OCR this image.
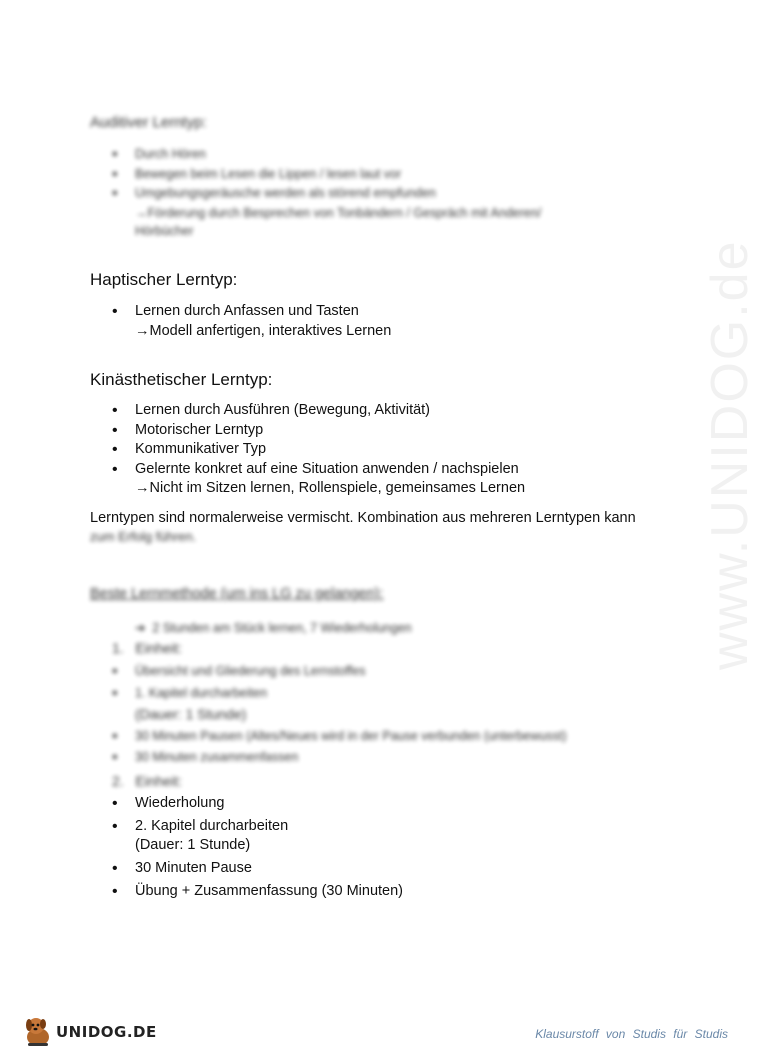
www.UNIDOG.de
Auditiver Lerntyp:
• Durch Hören
• Bewegen beim Lesen die Lippen / lesen laut vor
• Umgebungsgeräusche werden als störend empfunden
→Förderung durch Besprechen von Tonbändern / Gespräch mit Anderen/
Hörbücher
Haptischer Lerntyp:
• Lernen durch Anfassen und Tasten
→Modell anfertigen, interaktives Lernen
Kinästhetischer Lerntyp:
• Lernen durch Ausführen (Bewegung, Aktivität)
• Motorischer Lerntyp
• Kommunikativer Typ
• Gelernte konkret auf eine Situation anwenden / nachspielen
→Nicht im Sitzen lernen, Rollenspiele, gemeinsames Lernen
Lerntypen sind normalerweise vermischt. Kombination aus mehreren Lerntypen kann
zum Erfolg führen.
Beste Lernmethode (um ins LG zu gelangen):
➔  2 Stunden am Stück lernen, 7 Wiederholungen
1.   Einheit:
• Übersicht und Gliederung des Lernstoffes
• 1. Kapitel durcharbeiten
(Dauer: 1 Stunde)
• 30 Minuten Pausen (Altes/Neues wird in der Pause verbunden (unterbewusst)
• 30 Minuten zusammenfassen
2.   Einheit:
• Wiederholung
• 2. Kapitel durcharbeiten
(Dauer: 1 Stunde)
• 30 Minuten Pause
• Übung + Zusammenfassung (30 Minuten)
UNIDOG.DE	Klausurstoff von Studis für Studis
